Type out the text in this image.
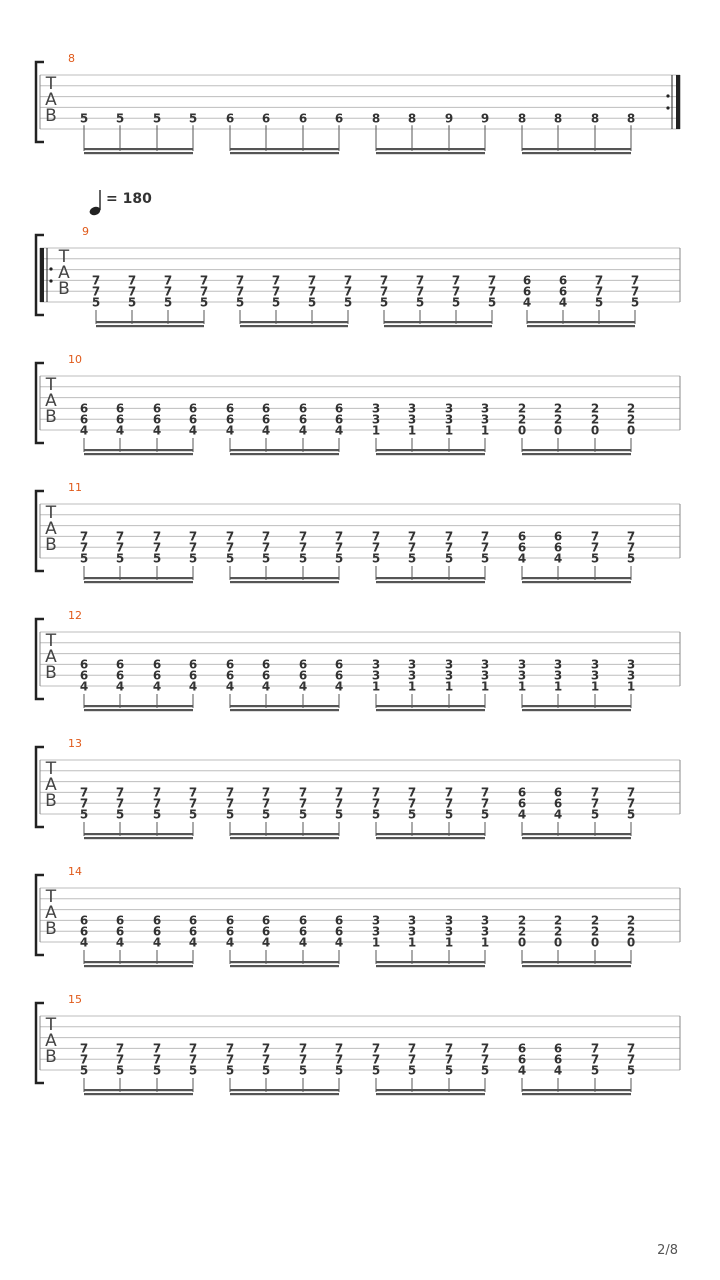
T
A
B
8
5 5 5 5 6 6 6 6 8 8 9 9 8 8 8 8
T
A
B
9
7
7
5
7
7
5
7
7
5
7
7
5
7
7
5
7
7
5
7
7
5
7
7
5
7
7
5
7
7
5
7
7
5
7
7
5
6
6
4
6
6
4
7
7
5
7
7
5
T
A
B
10
6
6
4
6
6
4
6
6
4
6
6
4
6
6
4
6
6
4
6
6
4
6
6
4
3
3
1
3
3
1
3
3
1
3
3
1
2
2
0
2
2
0
2
2
0
2
2
0
T
A
B
11
7
7
5
7
7
5
7
7
5
7
7
5
7
7
5
7
7
5
7
7
5
7
7
5
7
7
5
7
7
5
7
7
5
7
7
5
6
6
4
6
6
4
7
7
5
7
7
5
T
A
B
12
6
6
4
6
6
4
6
6
4
6
6
4
6
6
4
6
6
4
6
6
4
6
6
4
3
3
1
3
3
1
3
3
1
3
3
1
3
3
1
3
3
1
3
3
1
3
3
1
T
A
B
13
7
7
5
7
7
5
7
7
5
7
7
5
7
7
5
7
7
5
7
7
5
7
7
5
7
7
5
7
7
5
7
7
5
7
7
5
6
6
4
6
6
4
7
7
5
7
7
5
T
A
B
14
6
6
4
6
6
4
6
6
4
6
6
4
6
6
4
6
6
4
6
6
4
6
6
4
3
3
1
3
3
1
3
3
1
3
3
1
2
2
0
2
2
0
2
2
0
2
2
0
T
A
B
15
7
7
5
7
7
5
7
7
5
7
7
5
7
7
5
7
7
5
7
7
5
7
7
5
7
7
5
7
7
5
7
7
5
7
7
5
6
6
4
6
6
4
7
7
5
7
7
5
= 180
2/8
